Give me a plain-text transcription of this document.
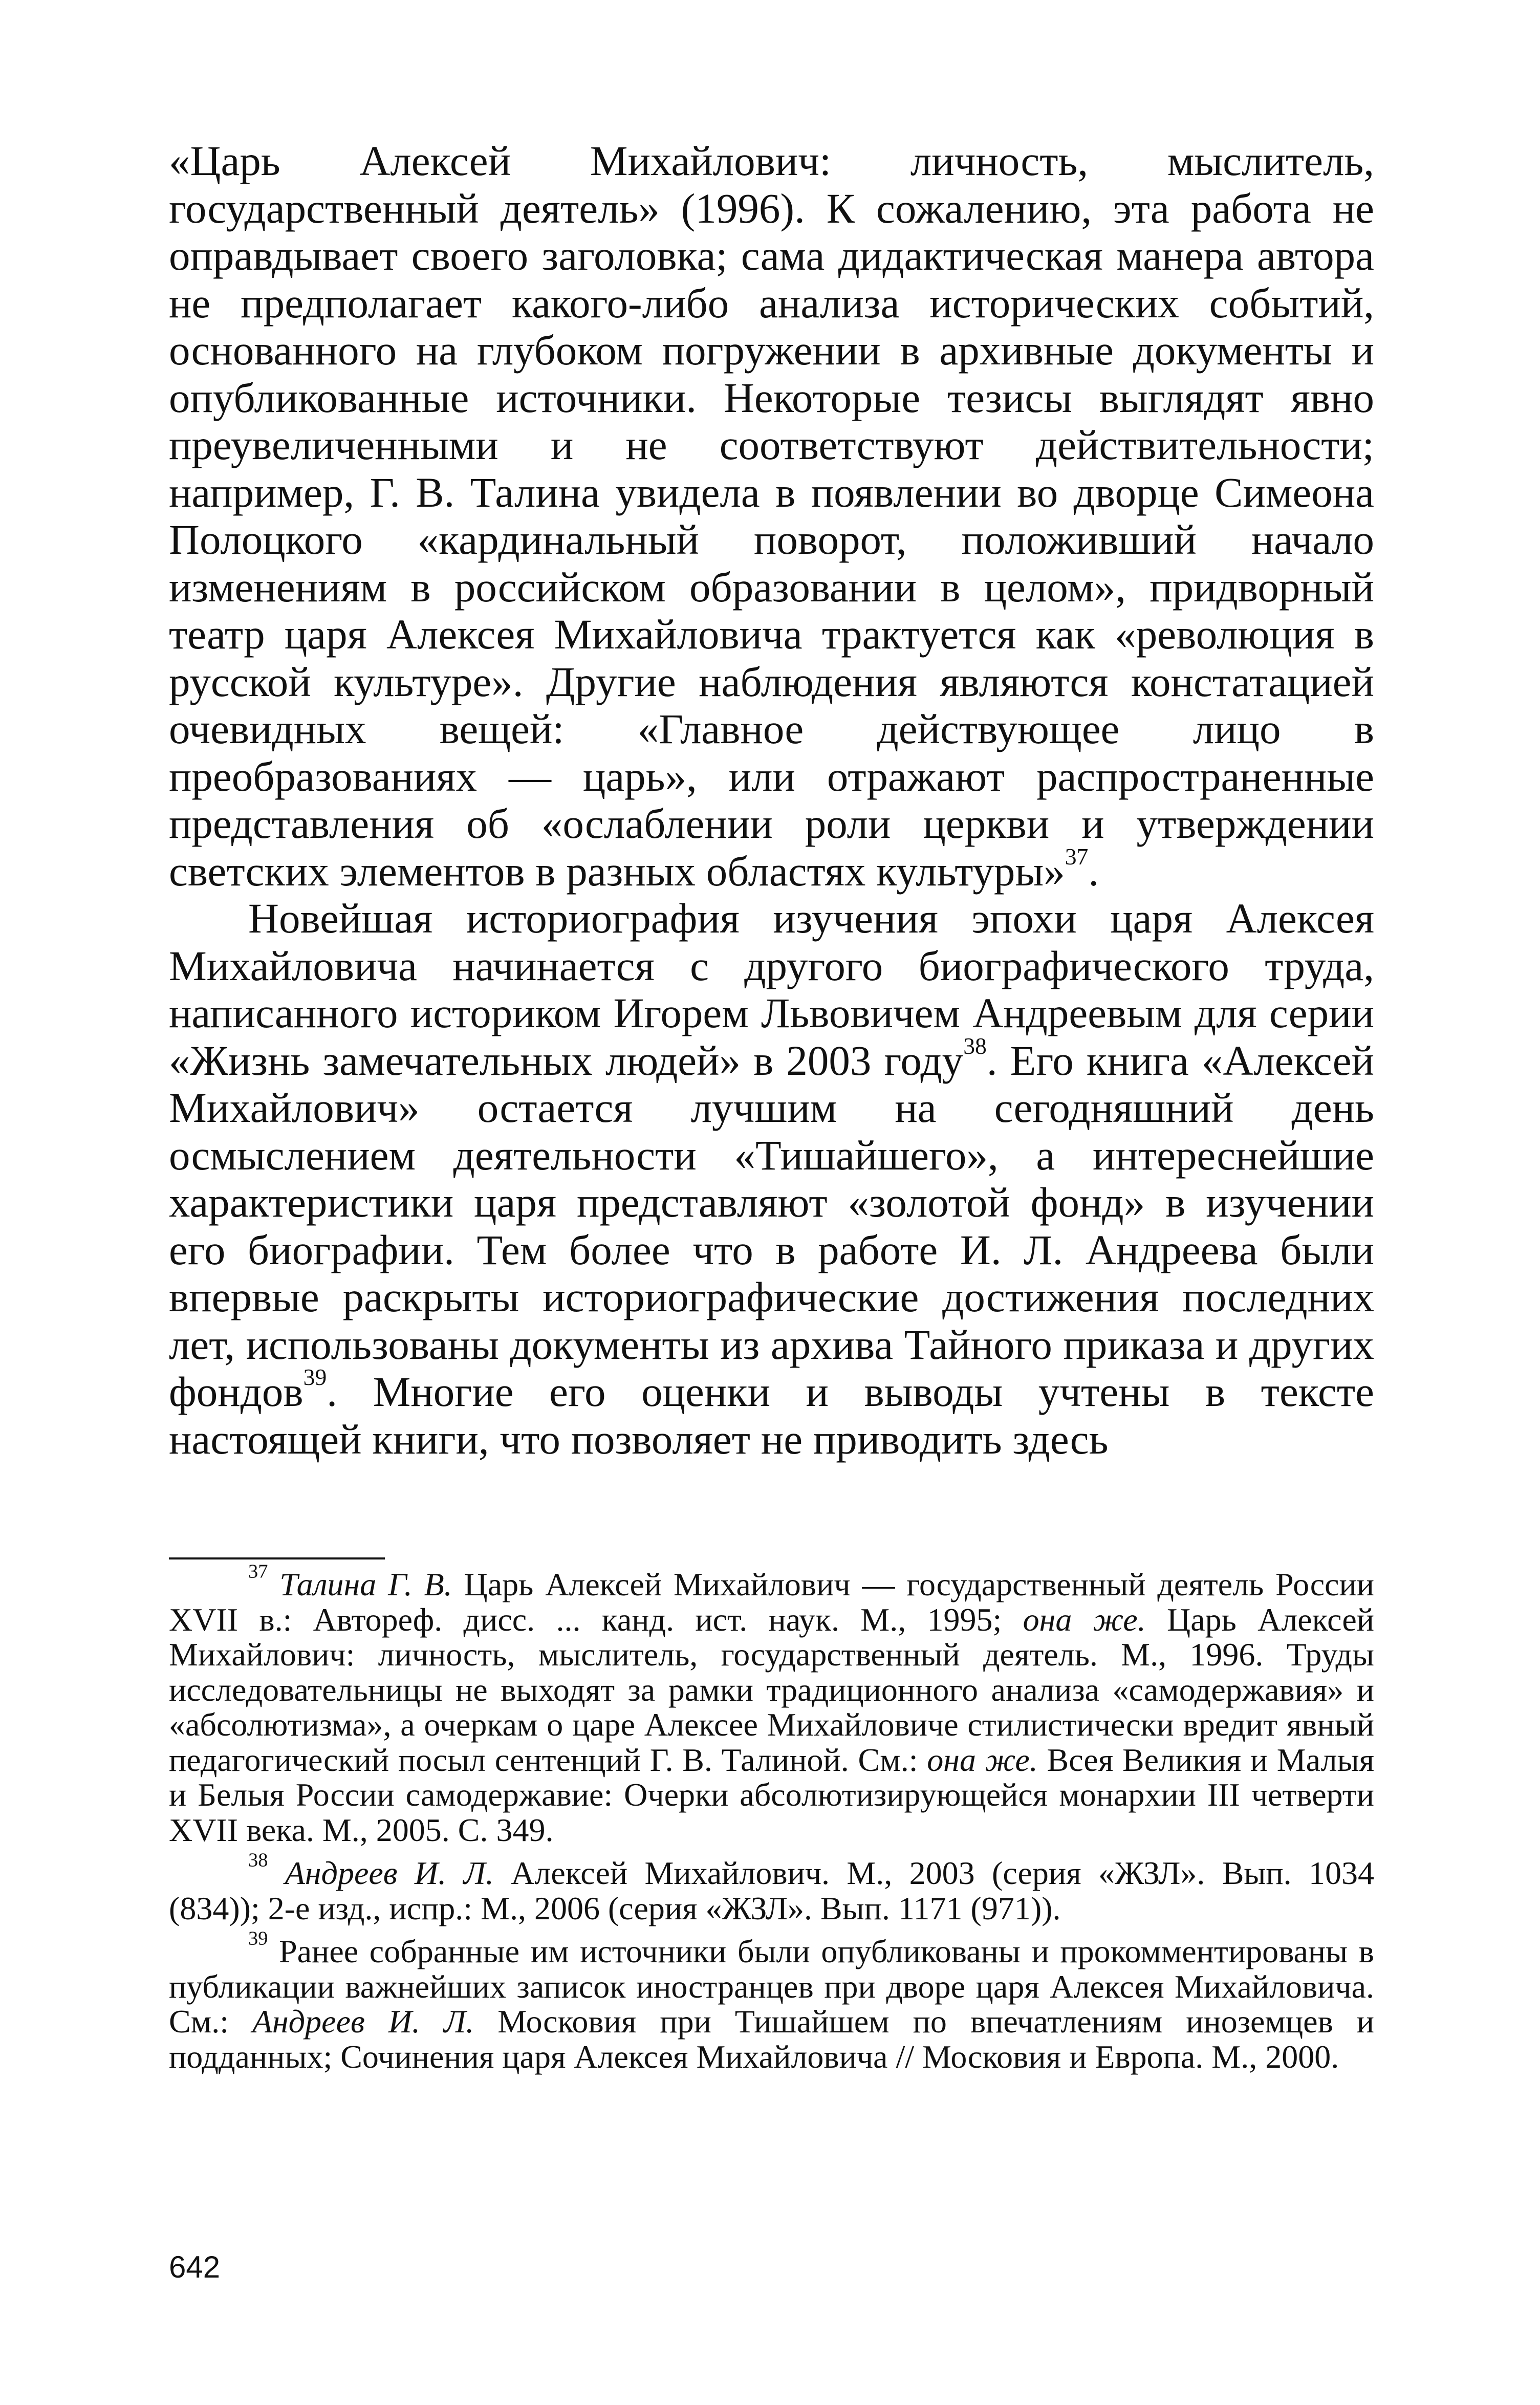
«Царь Алексей Михайлович: личность, мыслитель, государственный деятель» (1996). К сожалению, эта работа не оправдывает своего заголовка; сама дидактическая манера автора не предполагает какого-либо анализа исторических событий, основанного на глубоком погружении в архивные документы и опубликованные источники. Некоторые тезисы выглядят явно преувеличенными и не соответствуют действительности; например, Г. В. Талина увидела в появлении во дворце Симеона Полоцкого «кардинальный поворот, положивший начало изменениям в российском образовании в целом», придворный театр царя Алексея Михайловича трактуется как «революция в русской культуре». Другие наблюдения являются констатацией очевидных вещей: «Главное действующее лицо в преобразованиях — царь», или отражают распространенные представления об «ослаблении роли церкви и утверждении светских элементов в разных областях культуры»$^{37}$.

Новейшая историография изучения эпохи царя Алексея Михайловича начинается с другого биографического труда, написанного историком Игорем Львовичем Андреевым для серии «Жизнь замечательных людей» в 2003 году$^{38}$. Его книга «Алексей Михайлович» остается лучшим на сегодняшний день осмыслением деятельности «Тишайшего», а интереснейшие характеристики царя представляют «золотой фонд» в изучении его биографии. Тем более что в работе И. Л. Андреева были впервые раскрыты историографические достижения последних лет, использованы документы из архива Тайного приказа и других фондов$^{39}$. Многие его оценки и выводы учтены в тексте настоящей книги, что позволяет не приводить здесь

$^{37}$ Талина Г. В. Царь Алексей Михайлович — государственный деятель России XVII в.: Автореф. дисс. ... канд. ист. наук. М., 1995; она же. Царь Алексей Михайлович: личность, мыслитель, государственный деятель. М., 1996. Труды исследовательницы не выходят за рамки традиционного анализа «самодержавия» и «абсолютизма», а очеркам о царе Алексее Михайловиче стилистически вредит явный педагогический посыл сентенций Г. В. Талиной. См.: она же. Всея Великия и Малыя и Белыя России самодержавие: Очерки абсолютизирующейся монархии III четверти XVII века. М., 2005. С. 349.

$^{38}$ Андреев И. Л. Алексей Михайлович. М., 2003 (серия «ЖЗЛ». Вып. 1034 (834)); 2-е изд., испр.: М., 2006 (серия «ЖЗЛ». Вып. 1171 (971)).

$^{39}$ Ранее собранные им источники были опубликованы и прокомментированы в публикации важнейших записок иностранцев при дворе царя Алексея Михайловича. См.: Андреев И. Л. Московия при Тишайшем по впечатлениям иноземцев и подданных; Сочинения царя Алексея Михайловича // Московия и Европа. М., 2000.

642
